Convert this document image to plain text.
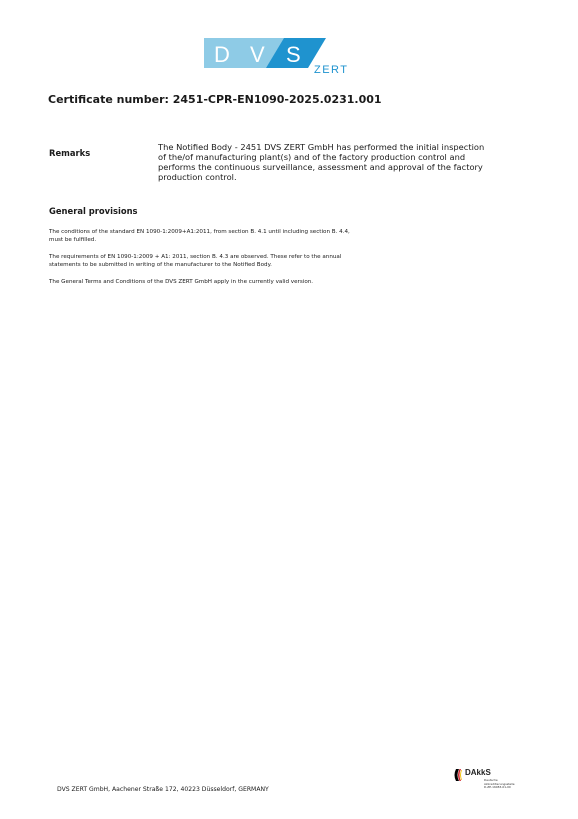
D V S
ZERT
Certificate number: 2451-CPR-EN1090-2025.0231.001
Remarks
The Notified Body - 2451 DVS ZERT GmbH has performed the initial inspection
of the/of manufacturing plant(s) and of the factory production control and
performs the continuous surveillance, assessment and approval of the factory
production control.
General provisions
The conditions of the standard EN 1090-1:2009+A1:2011, from section B. 4.1 until including section B. 4.4,
must be fulfilled.
The requirements of EN 1090-1:2009 + A1: 2011, section B. 4.3 are observed. These refer to the annual
statements to be submitted in writing of the manufacturer to the Notified Body.
The General Terms and Conditions of the DVS ZERT GmbH apply in the currently valid version.
DVS ZERT GmbH, Aachener Straße 172, 40223 Düsseldorf, GERMANY
DAkkS
Deutsche
Akkreditierungsstelle
D-ZE-16083-01-00
